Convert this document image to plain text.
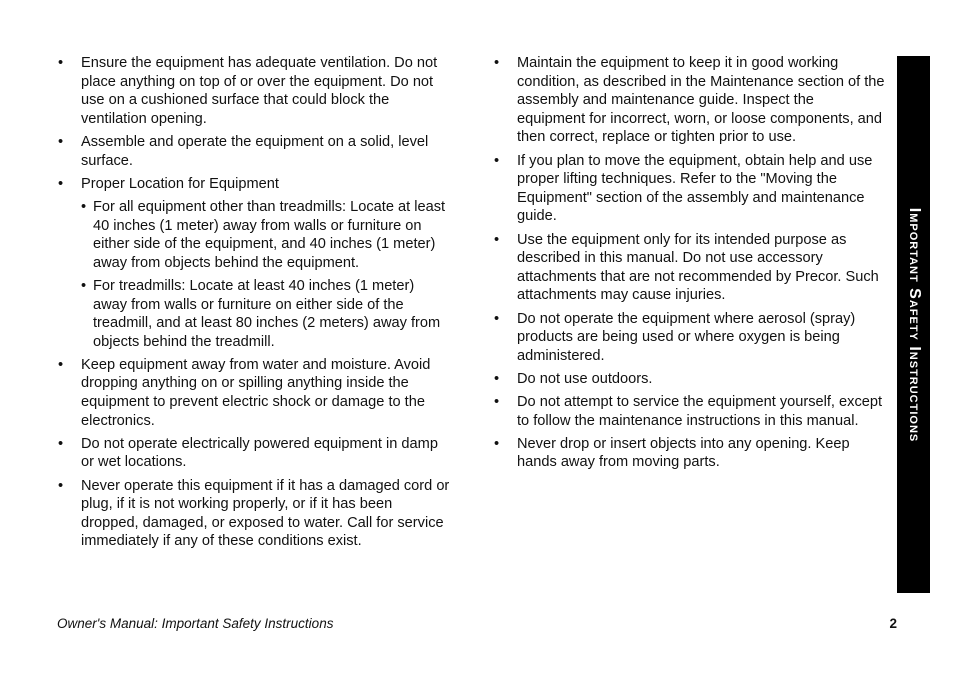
• Ensure the equipment has adequate ventilation. Do not place anything on top of or over the equipment. Do not use on a cushioned surface that could block the ventilation opening.
• Assemble and operate the equipment on a solid, level surface.
• Proper Location for Equipment
• For all equipment other than treadmills: Locate at least 40 inches (1 meter) away from walls or furniture on either side of the equipment, and 40 inches (1 meter) away from objects behind the equipment.
• For treadmills: Locate at least 40 inches (1 meter) away from walls or furniture on either side of the treadmill, and at least 80 inches (2 meters) away from objects behind the treadmill.
• Keep equipment away from water and moisture. Avoid dropping anything on or spilling anything inside the equipment to prevent electric shock or damage to the electronics.
• Do not operate electrically powered equipment in damp or wet locations.
• Never operate this equipment if it has a damaged cord or plug, if it is not working properly, or if it has been dropped, damaged, or exposed to water. Call for service immediately if any of these conditions exist.
• Maintain the equipment to keep it in good working condition, as described in the Maintenance section of the assembly and maintenance guide. Inspect the equipment for incorrect, worn, or loose components, and then correct, replace or tighten prior to use.
• If you plan to move the equipment, obtain help and use proper lifting techniques. Refer to the "Moving the Equipment" section of the assembly and maintenance guide.
• Use the equipment only for its intended purpose as described in this manual. Do not use accessory attachments that are not recommended by Precor. Such attachments may cause injuries.
• Do not operate the equipment where aerosol (spray) products are being used or where oxygen is being administered.
• Do not use outdoors.
• Do not attempt to service the equipment yourself, except to follow the maintenance instructions in this manual.
• Never drop or insert objects into any opening. Keep hands away from moving parts.
Important Safety Instructions
Owner's Manual: Important Safety Instructions	2
